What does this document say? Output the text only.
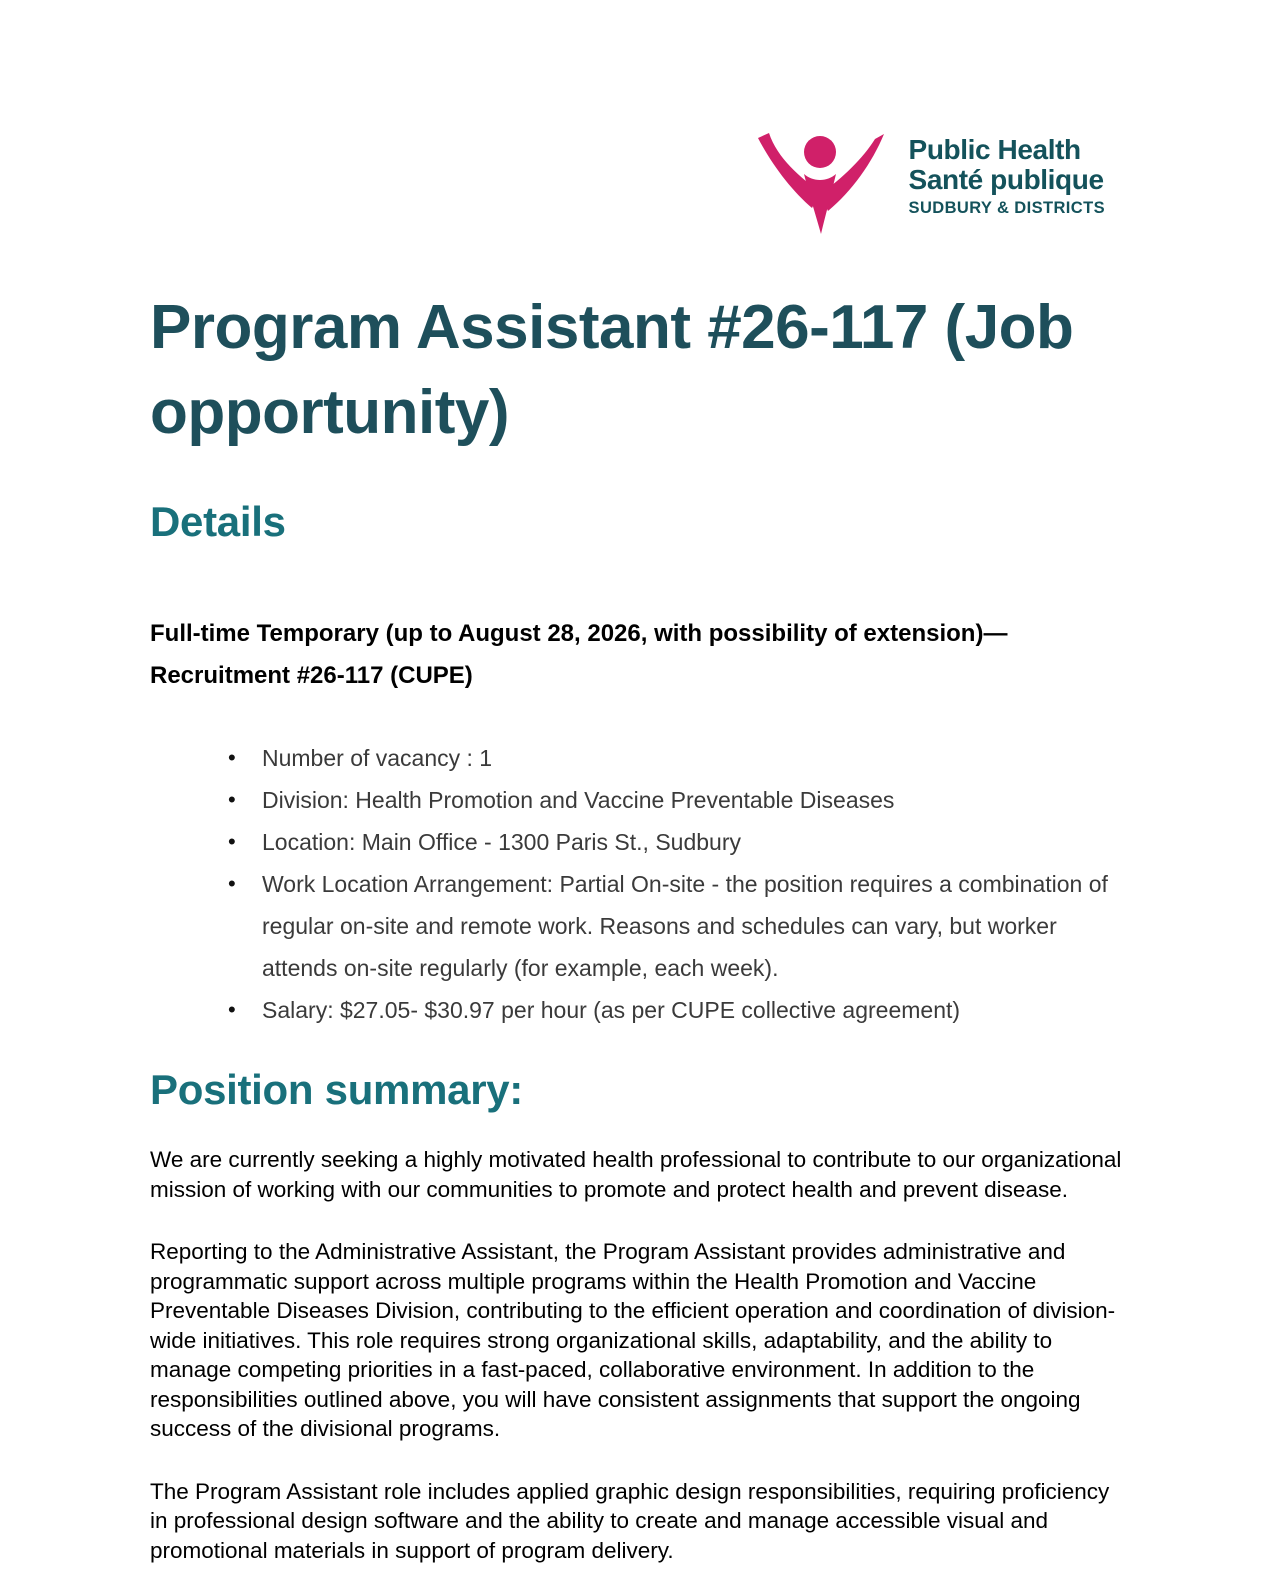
Public Health
Santé publique
SUDBURY & DISTRICTS
Program Assistant #26-117 (Job opportunity)
Details

Full-time Temporary (up to August 28, 2026, with possibility of extension)—
Recruitment #26-117 (CUPE)

• Number of vacancy : 1
• Division: Health Promotion and Vaccine Preventable Diseases
• Location: Main Office - 1300 Paris St., Sudbury
• Work Location Arrangement: Partial On-site - the position requires a combination of regular on-site and remote work. Reasons and schedules can vary, but worker attends on-site regularly (for example, each week).
• Salary: $27.05- $30.97 per hour (as per CUPE collective agreement)
Position summary:

We are currently seeking a highly motivated health professional to contribute to our organizational mission of working with our communities to promote and protect health and prevent disease.

Reporting to the Administrative Assistant, the Program Assistant provides administrative and programmatic support across multiple programs within the Health Promotion and Vaccine Preventable Diseases Division, contributing to the efficient operation and coordination of division-wide initiatives. This role requires strong organizational skills, adaptability, and the ability to manage competing priorities in a fast-paced, collaborative environment. In addition to the responsibilities outlined above, you will have consistent assignments that support the ongoing success of the divisional programs.

The Program Assistant role includes applied graphic design responsibilities, requiring proficiency in professional design software and the ability to create and manage accessible visual and promotional materials in support of program delivery.
